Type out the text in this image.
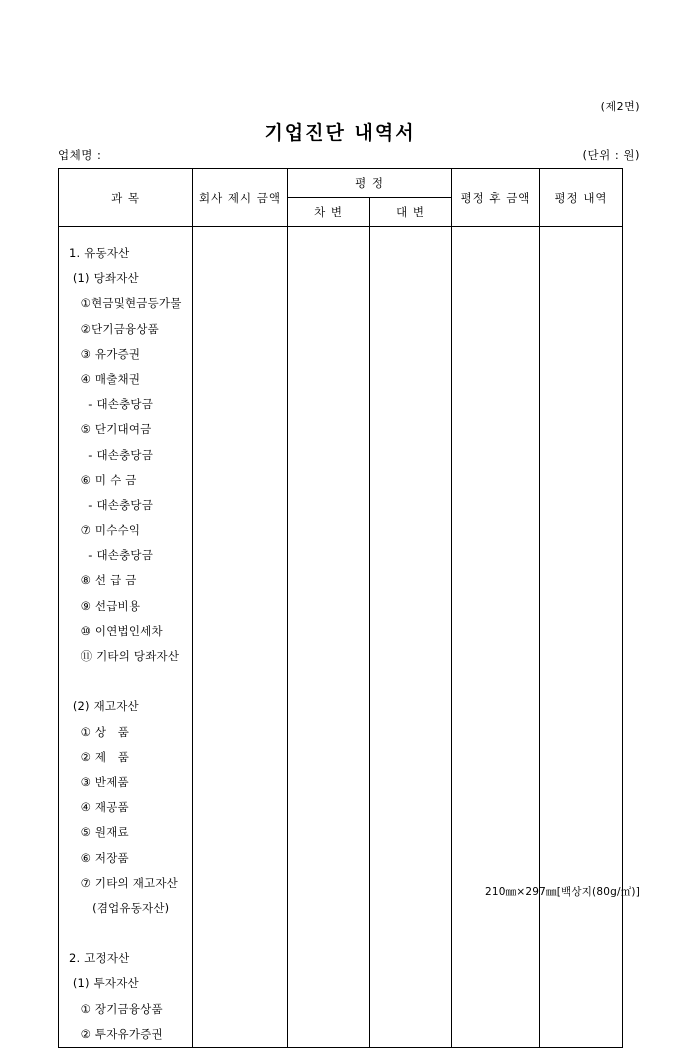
(제2면)
기업진단 내역서
업체명 :	(단위 : 원)
과 목	회사 제시 금액	평 정		평정 후 금액	평정 내역
		차 변	대 변		

1. 유동자산
(1) 당좌자산
①현금및현금등가물
②단기금융상품
③ 유가증권
④ 매출채권
- 대손충당금
⑤ 단기대여금
- 대손충당금
⑥ 미 수 금
- 대손충당금
⑦ 미수수익
- 대손충당금
⑧ 선 급 금
⑨ 선급비용
⑩ 이연법인세차
⑪ 기타의 당좌자산

(2) 재고자산
① 상   품
② 제   품
③ 반제품
④ 재공품
⑤ 원재료
⑥ 저장품
⑦ 기타의 재고자산
(겸업유동자산)

2. 고정자산
(1) 투자자산
① 장기금융상품
② 투자유가증권

210㎜×297㎜[백상지(80g/㎡)]
